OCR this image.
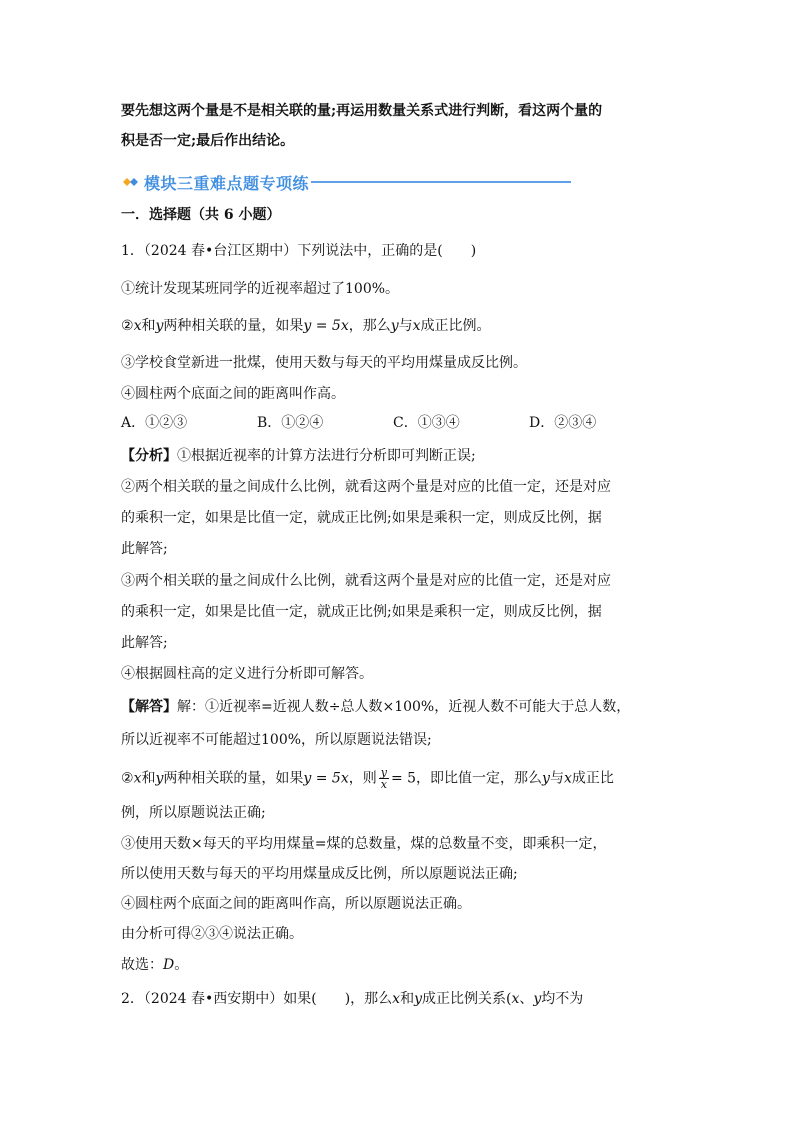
要先想这两个量是不是相关联的量;再运用数量关系式进行判断，看这两个量的
积是否一定;最后作出结论。
模块三重难点题专项练
一．选择题（共 6 小题）
1．（2024 春•台江区期中）下列说法中，正确的是(　　)
①统计发现某班同学的近视率超过了100%。
②x和y两种相关联的量，如果y = 5x，那么y与x成正比例。
③学校食堂新进一批煤，使用天数与每天的平均用煤量成反比例。
④圆柱两个底面之间的距离叫作高。
A．①②③	B．①②④	C．①③④	D．②③④
【分析】①根据近视率的计算方法进行分析即可判断正误;
②两个相关联的量之间成什么比例，就看这两个量是对应的比值一定，还是对应
的乘积一定，如果是比值一定，就成正比例;如果是乘积一定，则成反比例，据
此解答;
③两个相关联的量之间成什么比例，就看这两个量是对应的比值一定，还是对应
的乘积一定，如果是比值一定，就成正比例;如果是乘积一定，则成反比例，据
此解答;
④根据圆柱高的定义进行分析即可解答。
【解答】解：①近视率=近视人数÷总人数×100%，近视人数不可能大于总人数，
所以近视率不可能超过100%，所以原题说法错误;
②x和y两种相关联的量，如果y = 5x，则 $\frac{y}{x} = 5$，即比值一定，那么y与x成正比
例，所以原题说法正确;
③使用天数×每天的平均用煤量=煤的总数量，煤的总数量不变，即乘积一定，
所以使用天数与每天的平均用煤量成反比例，所以原题说法正确;
④圆柱两个底面之间的距离叫作高，所以原题说法正确。
由分析可得②③④说法正确。
故选：D。
2．（2024 春•西安期中）如果(　　)，那么x和y成正比例关系(x、y均不为
